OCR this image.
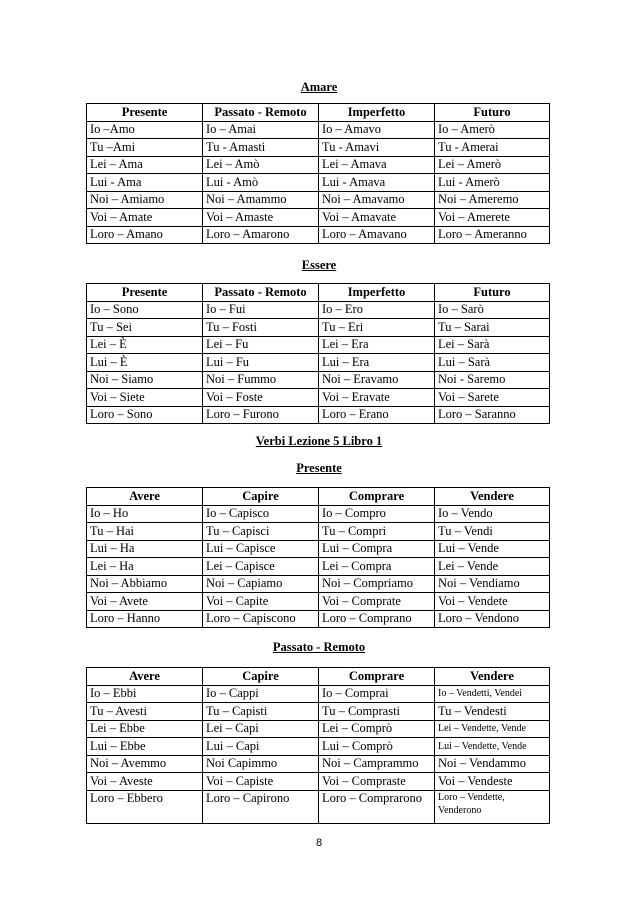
Amare
Presente	Passato - Remoto	Imperfetto	Futuro
Io –Amo	Io – Amai	Io – Amavo	Io – Amerò
Tu –Ami	Tu - Amasti	Tu - Amavi	Tu - Amerai
Lei – Ama	Lei – Amò	Lei – Amava	Lei – Amerò
Lui - Ama	Lui - Amò	Lui - Amava	Lui - Amerò
Noi – Amiamo	Noi – Amammo	Noi – Amavamo	Noi – Ameremo
Voi – Amate	Voi – Amaste	Voi – Amavate	Voi – Amerete
Loro – Amano	Loro – Amarono	Loro – Amavano	Loro – Ameranno
Essere
Presente	Passato - Remoto	Imperfetto	Futuro
Io – Sono	Io – Fui	Io – Ero	Io – Sarò
Tu – Sei	Tu – Fosti	Tu – Eri	Tu – Sarai
Lei – È	Lei – Fu	Lei – Era	Lei – Sarà
Lui – È	Lui – Fu	Lui – Era	Lui – Sarà
Noi – Siamo	Noi – Fummo	Noi – Eravamo	Noi - Saremo
Voi – Siete	Voi – Foste	Voi – Eravate	Voi – Sarete
Loro – Sono	Loro – Furono	Loro – Erano	Loro – Saranno
Verbi Lezione 5 Libro 1
Presente
Avere	Capire	Comprare	Vendere
Io – Ho	Io – Capisco	Io – Compro	Io – Vendo
Tu – Hai	Tu – Capisci	Tu – Compri	Tu – Vendi
Lui – Ha	Lui – Capisce	Lui – Compra	Lui – Vende
Lei – Ha	Lei – Capisce	Lei – Compra	Lei – Vende
Noi – Abbiamo	Noi – Capiamo	Noi – Compriamo	Noi – Vendiamo
Voi – Avete	Voi – Capite	Voi – Comprate	Voi – Vendete
Loro – Hanno	Loro – Capiscono	Loro – Comprano	Loro – Vendono
Passato - Remoto
Avere	Capire	Comprare	Vendere
Io – Ebbi	Io – Cappi	Io – Comprai	Io – Vendetti, Vendei
Tu – Avesti	Tu – Capisti	Tu – Comprasti	Tu – Vendesti
Lei – Ebbe	Lei – Capi	Lei – Comprò	Lei – Vendette, Vende
Lui – Ebbe	Lui – Capi	Lui – Comprò	Lui – Vendette, Vende
Noi – Avemmo	Noi Capimmo	Noi – Camprammo	Noi – Vendammo
Voi – Aveste	Voi – Capiste	Voi – Compraste	Voi – Vendeste
Loro – Ebbero	Loro – Capirono	Loro – Comprarono	Loro – Vendette, Venderono
8
